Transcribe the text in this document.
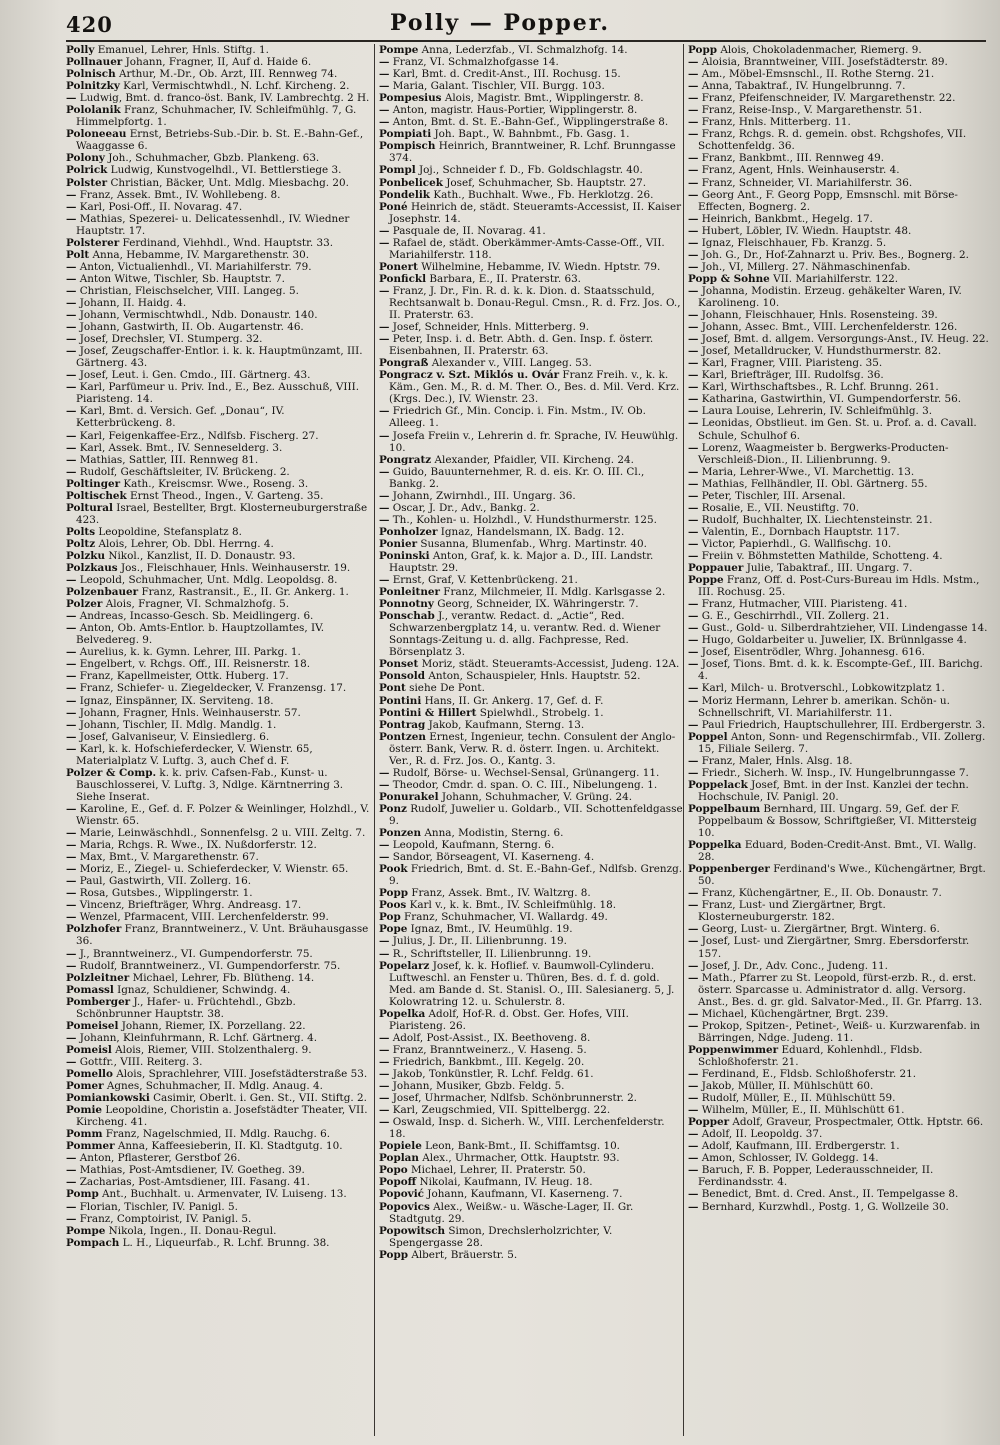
420	Polly — Popper.
Polly Emanuel, Lehrer, Hnls. Stiftg. 1.
Pollnauer Johann, Fragner, II, Auf d. Haide 6.
Polnisch Arthur, M.-Dr., Ob. Arzt, III. Rennweg 74.
Polnitzky Karl, Vermischtwhdl., N. Lchf. Kircheng. 2.
— Ludwig, Bmt. d. franco-öst. Bank, IV. Lambrechtg. 2 H.
Pololanik Franz, Schuhmacher, IV. Schleifmühlg. 7, G. Himmelpfortg. 1.
Poloneeau Ernst, Betriebs-Sub.-Dir. b. St. E.-Bahn-Gef., Waaggasse 6.
Polony Joh., Schuhmacher, Gbzb. Plankeng. 63.
Polrick Ludwig, Kunstvogelhdl., VI. Bettlerstiege 3.
Polster Christian, Bäcker, Unt. Mdlg. Miesbachg. 20.
— Franz, Assek. Bmt., IV. Wohllebeng. 8.
— Karl, Posi-Off., II. Novarag. 47.
— Mathias, Spezerei- u. Delicatessenhdl., IV. Wiedner Hauptstr. 17.
Polsterer Ferdinand, Viehhdl., Wnd. Hauptstr. 33.
Polt Anna, Hebamme, IV. Margarethenstr. 30.
— Anton, Victualienhdl., VI. Mariahilferstr. 79.
— Anton Witwe, Tischler, Sb. Hauptstr. 7.
— Christian, Fleischselcher, VIII. Langeg. 5.
— Johann, II. Haidg. 4.
— Johann, Vermischtwhdl., Ndb. Donaustr. 140.
— Johann, Gastwirth, II. Ob. Augartenstr. 46.
— Josef, Drechsler, VI. Stumperg. 32.
— Josef, Zeugschaffer-Entlor. i. k. k. Hauptmünzamt, III. Gärtnerg. 43.
— Josef, Leut. i. Gen. Cmdo., III. Gärtnerg. 43.
— Karl, Parfümeur u. Priv. Ind., E., Bez. Ausschuß, VIII. Piaristeng. 14.
— Karl, Bmt. d. Versich. Gef. „Donau“, IV. Ketterbrückeng. 8.
— Karl, Feigenkaffee-Erz., Ndlfsb. Fischerg. 27.
— Karl, Assek. Bmt., IV. Senneselderg. 3.
— Mathias, Sattler, III. Rennweg 81.
— Rudolf, Geschäftsleiter, IV. Brückeng. 2.
Poltinger Kath., Kreiscmsr. Wwe., Roseng. 3.
Poltischek Ernst Theod., Ingen., V. Garteng. 35.
Poltural Israel, Bestellter, Brgt. Klosterneuburgerstraße 423.
Polts Leopoldine, Stefansplatz 8.
Poltz Alois, Lehrer, Ob. Dbl. Herrng. 4.
Polzku Nikol., Kanzlist, II. D. Donaustr. 93.
Polzkaus Jos., Fleischhauer, Hnls. Weinhauserstr. 19.
— Leopold, Schuhmacher, Unt. Mdlg. Leopoldsg. 8.
Polzenbauer Franz, Rastransit., E., II. Gr. Ankerg. 1.
Polzer Alois, Fragner, VI. Schmalzhofg. 5.
— Andreas, Incasso-Gesch. Sb. Meidlingerg. 6.
— Anton, Ob. Amts-Entlor. b. Hauptzollamtes, IV. Belvedereg. 9.
— Aurelius, k. k. Gymn. Lehrer, III. Parkg. 1.
— Engelbert, v. Rchgs. Off., III. Reisnerstr. 18.
— Franz, Kapellmeister, Ottk. Huberg. 17.
— Franz, Schiefer- u. Ziegeldecker, V. Franzensg. 17.
— Ignaz, Einspänner, IX. Serviteng. 18.
— Johann, Fragner, Hnls. Weinhauserstr. 57.
— Johann, Tischler, II. Mdlg. Mandlg. 1.
— Josef, Galvaniseur, V. Einsiedlerg. 6.
— Karl, k. k. Hofschieferdecker, V. Wienstr. 65, Materialplatz V. Luftg. 3, auch Chef d. F.
Polzer & Comp. k. k. priv. Cafsen-Fab., Kunst- u. Bauschlosserei, V. Luftg. 3, Ndlge. Kärntnerring 3. Siehe Inserat.
— Karoline, E., Gef. d. F. Polzer & Weinlinger, Holzhdl., V. Wienstr. 65.
— Marie, Leinwäschhdl., Sonnenfelsg. 2 u. VIII. Zeltg. 7.
— Maria, Rchgs. R. Wwe., IX. Nußdorferstr. 12.
— Max, Bmt., V. Margarethenstr. 67.
— Moriz, E., Ziegel- u. Schieferdecker, V. Wienstr. 65.
— Paul, Gastwirth, VII. Zollerg. 16.
— Rosa, Gutsbes., Wipplingerstr. 1.
— Vincenz, Briefträger, Whrg. Andreasg. 17.
— Wenzel, Pfarmacent, VIII. Lerchenfelderstr. 99.
Polzhofer Franz, Branntweinerz., V. Unt. Bräuhausgasse 36.
— J., Branntweinerz., VI. Gumpendorferstr. 75.
— Rudolf, Branntweinerz., VI. Gumpendorferstr. 75.
Polzleitner Michael, Lehrer, Fb. Blütheng. 14.
Pomassl Ignaz, Schuldiener, Schwindg. 4.
Pomberger J., Hafer- u. Früchtehdl., Gbzb. Schönbrunner Hauptstr. 38.
Pomeisel Johann, Riemer, IX. Porzellang. 22.
— Johann, Kleinfuhrmann, R. Lchf. Gärtnerg. 4.
Pomeisl Alois, Riemer, VIII. Stolzenthalerg. 9.
— Gottfr., VIII. Reiterg. 3.
Pomello Alois, Sprachlehrer, VIII. Josefstädterstraße 53.
Pomer Agnes, Schuhmacher, II. Mdlg. Anaug. 4.
Pomiankowski Casimir, Oberlt. i. Gen. St., VII. Stiftg. 2.
Pomie Leopoldine, Choristin a. Josefstädter Theater, VII. Kircheng. 41.
Pomm Franz, Nagelschmied, II. Mdlg. Rauchg. 6.
Pommer Anna, Kaffeesieberin, II. Kl. Stadtgutg. 10.
— Anton, Pflasterer, Gerstbof 26.
— Mathias, Post-Amtsdiener, IV. Goetheg. 39.
— Zacharias, Post-Amtsdiener, III. Fasang. 41.
Pomp Ant., Buchhalt. u. Armenvater, IV. Luiseng. 13.
— Florian, Tischler, IV. Panigl. 5.
— Franz, Comptoirist, IV. Panigl. 5.
Pompe Nikola, Ingen., II. Donau-Regul.
Pompach L. H., Liqueurfab., R. Lchf. Brunng. 38.
Pompe Anna, Lederzfab., VI. Schmalzhofg. 14.
— Franz, VI. Schmalzhofgasse 14.
— Karl, Bmt. d. Credit-Anst., III. Rochusg. 15.
— Maria, Galant. Tischler, VII. Burgg. 103.
Pompesius Alois, Magistr. Bmt., Wipplingerstr. 8.
— Anton, magistr. Haus-Portier, Wipplingerstr. 8.
— Anton, Bmt. d. St. E.-Bahn-Gef., Wipplingerstraße 8.
Pompiati Joh. Bapt., W. Bahnbmt., Fb. Gasg. 1.
Pompisch Heinrich, Branntweiner, R. Lchf. Brunngasse 374.
Pompl Joj., Schneider f. D., Fb. Goldschlagstr. 40.
Ponbelicek Josef, Schuhmacher, Sb. Hauptstr. 27.
Pondelik Kath., Buchhalt. Wwe., Fb. Herklotzg. 26.
Poné Heinrich de, städt. Steueramts-Accessist, II. Kaiser Josephstr. 14.
— Pasquale de, II. Novarag. 41.
— Rafael de, städt. Oberkämmer-Amts-Casse-Off., VII. Mariahilferstr. 118.
Ponert Wilhelmine, Hebamme, IV. Wiedn. Hptstr. 79.
Ponfickl Barbara, E., II. Praterstr. 63.
— Franz, J. Dr., Fin. R. d. k. k. Dion. d. Staatsschuld, Rechtsanwalt b. Donau-Regul. Cmsn., R. d. Frz. Jos. O., II. Praterstr. 63.
— Josef, Schneider, Hnls. Mitterberg. 9.
— Peter, Insp. i. d. Betr. Abth. d. Gen. Insp. f. österr. Eisenbahnen, II. Praterstr. 63.
Pongraß Alexander v., VIII. Langeg. 53.
Pongracz v. Szt. Miklós u. Ovár Franz Freih. v., k. k. Käm., Gen. M., R. d. M. Ther. O., Bes. d. Mil. Verd. Krz. (Krgs. Dec.), IV. Wienstr. 23.
— Friedrich Gf., Min. Concip. i. Fin. Mstm., IV. Ob. Alleeg. 1.
— Josefa Freiin v., Lehrerin d. fr. Sprache, IV. Heuwühlg. 10.
Pongratz Alexander, Pfaidler, VII. Kircheng. 24.
— Guido, Bauunternehmer, R. d. eis. Kr. O. III. Cl., Bankg. 2.
— Johann, Zwirnhdl., III. Ungarg. 36.
— Oscar, J. Dr., Adv., Bankg. 2.
— Th., Kohlen- u. Holzhdl., V. Hundsthurmerstr. 125.
Ponholzer Ignaz, Handelsmann, IX. Badg. 12.
Ponier Susanna, Blumenfab., Whrg. Martinstr. 40.
Poninski Anton, Graf, k. k. Major a. D., III. Landstr. Hauptstr. 29.
— Ernst, Graf, V. Kettenbrückeng. 21.
Ponleitner Franz, Milchmeier, II. Mdlg. Karlsgasse 2.
Ponnotny Georg, Schneider, IX. Währingerstr. 7.
Ponschab J., verantw. Redact. d. „Actie“, Red. Schwarzenbergplatz 14, u. verantw. Red. d. Wiener Sonntags-Zeitung u. d. allg. Fachpresse, Red. Börsenplatz 3.
Ponset Moriz, städt. Steueramts-Accessist, Judeng. 12A.
Ponsold Anton, Schauspieler, Hnls. Hauptstr. 52.
Pont siehe De Pont.
Pontini Hans, II. Gr. Ankerg. 17, Gef. d. F.
Pontini & Hillert Spielwhdl., Strobelg. 1.
Pontrag Jakob, Kaufmann, Sterng. 13.
Pontzen Ernest, Ingenieur, techn. Consulent der Anglo-österr. Bank, Verw. R. d. österr. Ingen. u. Architekt. Ver., R. d. Frz. Jos. O., Kantg. 3.
— Rudolf, Börse- u. Wechsel-Sensal, Grünangerg. 11.
— Theodor, Cmdr. d. span. O. C. III., Nibelungeng. 1.
Ponurakel Johann, Schuhmacher, V. Grüng. 24.
Ponz Rudolf, Juwelier u. Goldarb., VII. Schottenfeldgasse 9.
Ponzen Anna, Modistin, Sterng. 6.
— Leopold, Kaufmann, Sterng. 6.
— Sandor, Börseagent, VI. Kaserneng. 4.
Pook Friedrich, Bmt. d. St. E.-Bahn-Gef., Ndlfsb. Grenzg. 9.
Popp Franz, Assek. Bmt., IV. Waltzrg. 8.
Poos Karl v., k. k. Bmt., IV. Schleifmühlg. 18.
Pop Franz, Schuhmacher, VI. Wallardg. 49.
Pope Ignaz, Bmt., IV. Heumühlg. 19.
— Julius, J. Dr., II. Lilienbrunng. 19.
— R., Schriftsteller, II. Lilienbrunng. 19.
Popelarz Josef, k. k. Hoflief. v. Baumwoll-Cylinderu. Luftweschl. an Fenster u. Thüren, Bes. d. f. d. gold. Med. am Bande d. St. Stanisl. O., III. Salesianerg. 5, J. Kolowratring 12. u. Schulerstr. 8.
Popelka Adolf, Hof-R. d. Obst. Ger. Hofes, VIII. Piaristeng. 26.
— Adolf, Post-Assist., IX. Beethoveng. 8.
— Franz, Branntweinerz., V. Haseng. 5.
— Friedrich, Bankbmt., III. Kegelg. 20.
— Jakob, Tonkünstler, R. Lchf. Feldg. 61.
— Johann, Musiker, Gbzb. Feldg. 5.
— Josef, Uhrmacher, Ndlfsb. Schönbrunnerstr. 2.
— Karl, Zeugschmied, VII. Spittelbergg. 22.
— Oswald, Insp. d. Sicherh. W., VIII. Lerchenfelderstr. 18.
Popiele Leon, Bank-Bmt., II. Schiffamtsg. 10.
Poplan Alex., Uhrmacher, Ottk. Hauptstr. 93.
Popo Michael, Lehrer, II. Praterstr. 50.
Popoff Nikolai, Kaufmann, IV. Heug. 18.
Popović Johann, Kaufmann, VI. Kaserneng. 7.
Popovics Alex., Weißw.- u. Wäsche-Lager, II. Gr. Stadtgutg. 29.
Popowitsch Simon, Drechslerholzrichter, V. Spengergasse 28.
Popp Albert, Bräuerstr. 5.
Popp Alois, Chokoladenmacher, Riemerg. 9.
— Aloisia, Branntweiner, VIII. Josefstädterstr. 89.
— Am., Möbel-Emsnschl., II. Rothe Sterng. 21.
— Anna, Tabaktraf., IV. Hungelbrunng. 7.
— Franz, Pfeifenschneider, IV. Margarethenstr. 22.
— Franz, Reise-Insp., V. Margarethenstr. 51.
— Franz, Hnls. Mitterberg. 11.
— Franz, Rchgs. R. d. gemein. obst. Rchgshofes, VII. Schottenfeldg. 36.
— Franz, Bankbmt., III. Rennweg 49.
— Franz, Agent, Hnls. Weinhauserstr. 4.
— Franz, Schneider, VI. Mariahilferstr. 36.
— Georg Ant., F. Georg Popp, Emsnschl. mit Börse-Effecten, Bognerg. 2.
— Heinrich, Bankbmt., Hegelg. 17.
— Hubert, Löbler, IV. Wiedn. Hauptstr. 48.
— Ignaz, Fleischhauer, Fb. Kranzg. 5.
— Joh. G., Dr., Hof-Zahnarzt u. Priv. Bes., Bognerg. 2.
— Joh., VI, Millerg. 27. Nähmaschinenfab.
Popp & Sohne VII. Mariahilferstr. 122.
— Johanna, Modistin. Erzeug. gehäkelter Waren, IV. Karolineng. 10.
— Johann, Fleischhauer, Hnls. Rosensteing. 39.
— Johann, Assec. Bmt., VIII. Lerchenfelderstr. 126.
— Josef, Bmt. d. allgem. Versorgungs-Anst., IV. Heug. 22.
— Josef, Metalldrucker, V. Hundsthurmerstr. 82.
— Karl, Fragner, VIII. Piaristeng. 35.
— Karl, Briefträger, III. Rudolfsg. 36.
— Karl, Wirthschaftsbes., R. Lchf. Brunng. 261.
— Katharina, Gastwirthin, VI. Gumpendorferstr. 56.
— Laura Louise, Lehrerin, IV. Schleifmühlg. 3.
— Leonidas, Obstlieut. im Gen. St. u. Prof. a. d. Cavall. Schule, Schulhof 6.
— Lorenz, Waagmeister b. Bergwerks-Producten-Verschleiß-Dion., II. Lilienbrunng. 9.
— Maria, Lehrer-Wwe., VI. Marchettig. 13.
— Mathias, Fellhändler, II. Obl. Gärtnerg. 55.
— Peter, Tischler, III. Arsenal.
— Rosalie, E., VII. Neustiftg. 70.
— Rudolf, Buchhalter, IX. Liechtensteinstr. 21.
— Valentin, E., Dornbach Hauptstr. 117.
— Victor, Papierhdl., G. Wallfischg. 10.
— Freiin v. Böhmstetten Mathilde, Schotteng. 4.
Poppauer Julie, Tabaktraf., III. Ungarg. 7.
Poppe Franz, Off. d. Post-Curs-Bureau im Hdls. Mstm., III. Rochusg. 25.
— Franz, Hutmacher, VIII. Piaristeng. 41.
— G. E., Geschirrhdl., VII. Zollerg. 21.
— Gust., Gold- u. Silberdrahtzieher, VII. Lindengasse 14.
— Hugo, Goldarbeiter u. Juwelier, IX. Brünnlgasse 4.
— Josef, Eisentrödler, Whrg. Johannesg. 616.
— Josef, Tions. Bmt. d. k. k. Escompte-Gef., III. Barichg. 4.
— Karl, Milch- u. Brotverschl., Lobkowitzplatz 1.
— Moriz Hermann, Lehrer b. amerikan. Schön- u. Schnellschrift, VI. Mariahilferstr. 11.
— Paul Friedrich, Hauptschullehrer, III. Erdbergerstr. 3.
Poppel Anton, Sonn- und Regenschirmfab., VII. Zollerg. 15, Filiale Seilerg. 7.
— Franz, Maler, Hnls. Alsg. 18.
— Friedr., Sicherh. W. Insp., IV. Hungelbrunngasse 7.
Poppelack Josef, Bmt. in der Inst. Kanzlei der techn. Hochschule, IV. Panigl. 20.
Poppelbaum Bernhard, III. Ungarg. 59, Gef. der F. Poppelbaum & Bossow, Schriftgießer, VI. Mittersteig 10.
Poppelka Eduard, Boden-Credit-Anst. Bmt., VI. Wallg. 28.
Poppenberger Ferdinand's Wwe., Küchengärtner, Brgt. 50.
— Franz, Küchengärtner, E., II. Ob. Donaustr. 7.
— Franz, Lust- und Ziergärtner, Brgt. Klosterneuburgerstr. 182.
— Georg, Lust- u. Ziergärtner, Brgt. Winterg. 6.
— Josef, Lust- und Ziergärtner, Smrg. Ebersdorferstr. 157.
— Josef, J. Dr., Adv. Conc., Judeng. 11.
— Math., Pfarrer zu St. Leopold, fürst-erzb. R., d. erst. österr. Sparcasse u. Administrator d. allg. Versorg. Anst., Bes. d. gr. gld. Salvator-Med., II. Gr. Pfarrg. 13.
— Michael, Küchengärtner, Brgt. 239.
— Prokop, Spitzen-, Petinet-, Weiß- u. Kurzwarenfab. in Bärringen, Ndge. Judeng. 11.
Poppenwimmer Eduard, Kohlenhdl., Fldsb. Schloßhoferstr. 21.
— Ferdinand, E., Fldsb. Schloßhoferstr. 21.
— Jakob, Müller, II. Mühlschütt 60.
— Rudolf, Müller, E., II. Mühlschütt 59.
— Wilhelm, Müller, E., II. Mühlschütt 61.
Popper Adolf, Graveur, Prospectmaler, Ottk. Hptstr. 66.
— Adolf, II. Leopoldg. 37.
— Adolf, Kaufmann, III. Erdbergerstr. 1.
— Amon, Schlosser, IV. Goldegg. 14.
— Baruch, F. B. Popper, Lederausschneider, II. Ferdinandsstr. 4.
— Benedict, Bmt. d. Cred. Anst., II. Tempelgasse 8.
— Bernhard, Kurzwhdl., Postg. 1, G. Wollzeile 30.
